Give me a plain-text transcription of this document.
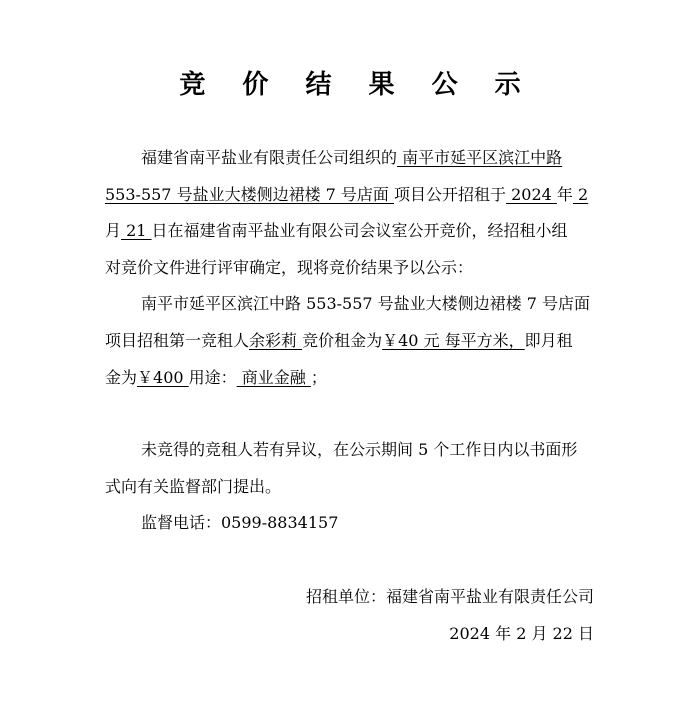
竞 价 结 果 公 示
福建省南平盐业有限责任公司组织的 南平市延平区滨江中路
553-557 号盐业大楼侧边裙楼 7 号店面 项目公开招租于 2024 年 2
月 21 日在福建省南平盐业有限公司会议室公开竞价，经招租小组
对竞价文件进行评审确定，现将竞价结果予以公示：
南平市延平区滨江中路 553-557 号盐业大楼侧边裙楼 7 号店面
项目招租第一竞租人余彩莉 竞价租金为￥40 元 每平方米，即月租
金为￥400 用途： 商业金融 ；
未竞得的竞租人若有异议，在公示期间 5 个工作日内以书面形
式向有关监督部门提出。
监督电话：0599-8834157
招租单位：福建省南平盐业有限责任公司
2024 年 2 月 22 日
